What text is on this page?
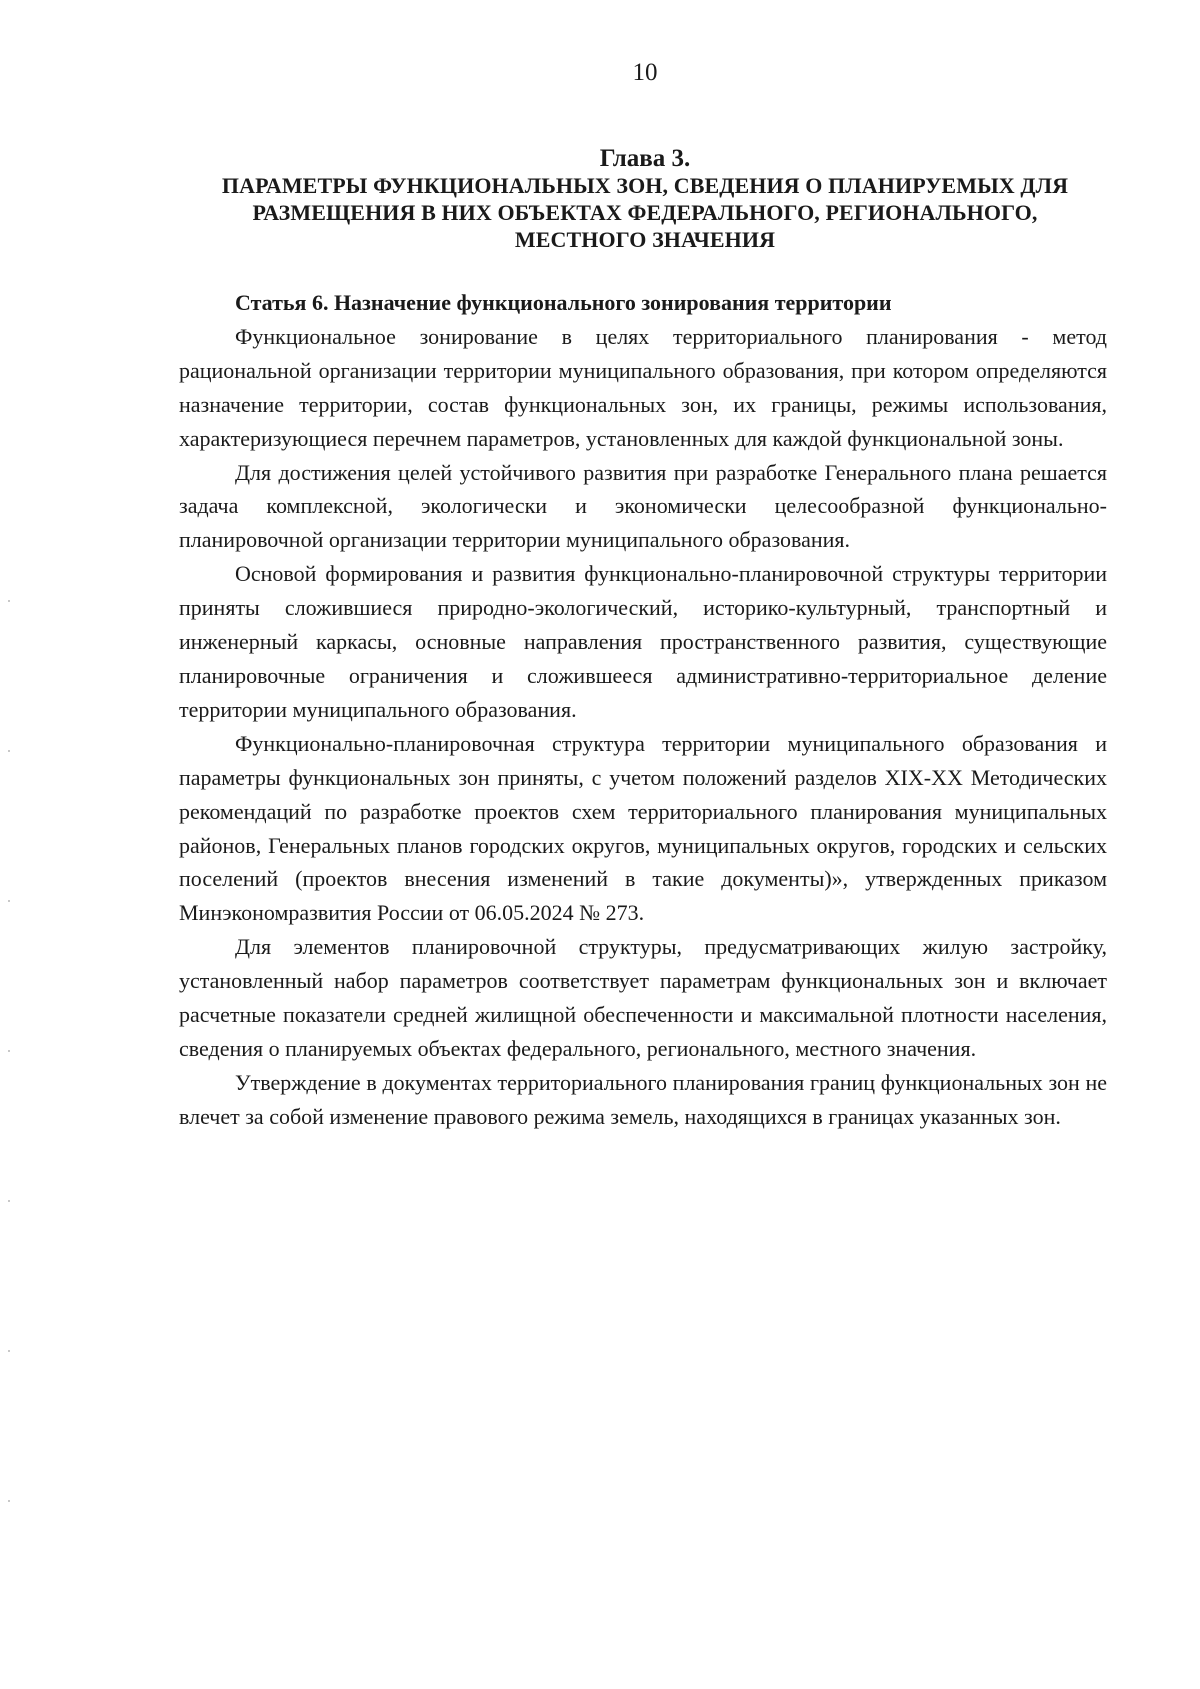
10
Глава 3.
ПАРАМЕТРЫ ФУНКЦИОНАЛЬНЫХ ЗОН, СВЕДЕНИЯ О ПЛАНИРУЕМЫХ ДЛЯ
РАЗМЕЩЕНИЯ В НИХ ОБЪЕКТАХ ФЕДЕРАЛЬНОГО, РЕГИОНАЛЬНОГО,
МЕСТНОГО ЗНАЧЕНИЯ

Статья 6. Назначение функционального зонирования территории

Функциональное зонирование в целях территориального планирования - метод рациональной организации территории муниципального образования, при котором определяются назначение территории, состав функциональных зон, их границы, режимы использования, характеризующиеся перечнем параметров, установленных для каждой функциональной зоны.

Для достижения целей устойчивого развития при разработке Генерального плана решается задача комплексной, экологически и экономически целесообразной функционально-планировочной организации территории муниципального образования.

Основой формирования и развития функционально-планировочной структуры территории приняты сложившиеся природно-экологический, историко-культурный, транспортный и инженерный каркасы, основные направления пространственного развития, существующие планировочные ограничения и сложившееся административно-территориальное деление территории муниципального образования.

Функционально-планировочная структура территории муниципального образования и параметры функциональных зон приняты, с учетом положений разделов XIX-XX Методических рекомендаций по разработке проектов схем территориального планирования муниципальных районов, Генеральных планов городских округов, муниципальных округов, городских и сельских поселений (проектов внесения изменений в такие документы)», утвержденных приказом Минэкономразвития России от 06.05.2024 № 273.

Для элементов планировочной структуры, предусматривающих жилую застройку, установленный набор параметров соответствует параметрам функциональных зон и включает расчетные показатели средней жилищной обеспеченности и максимальной плотности населения, сведения о планируемых объектах федерального, регионального, местного значения.

Утверждение в документах территориального планирования границ функциональных зон не влечет за собой изменение правового режима земель, находящихся в границах указанных зон.
